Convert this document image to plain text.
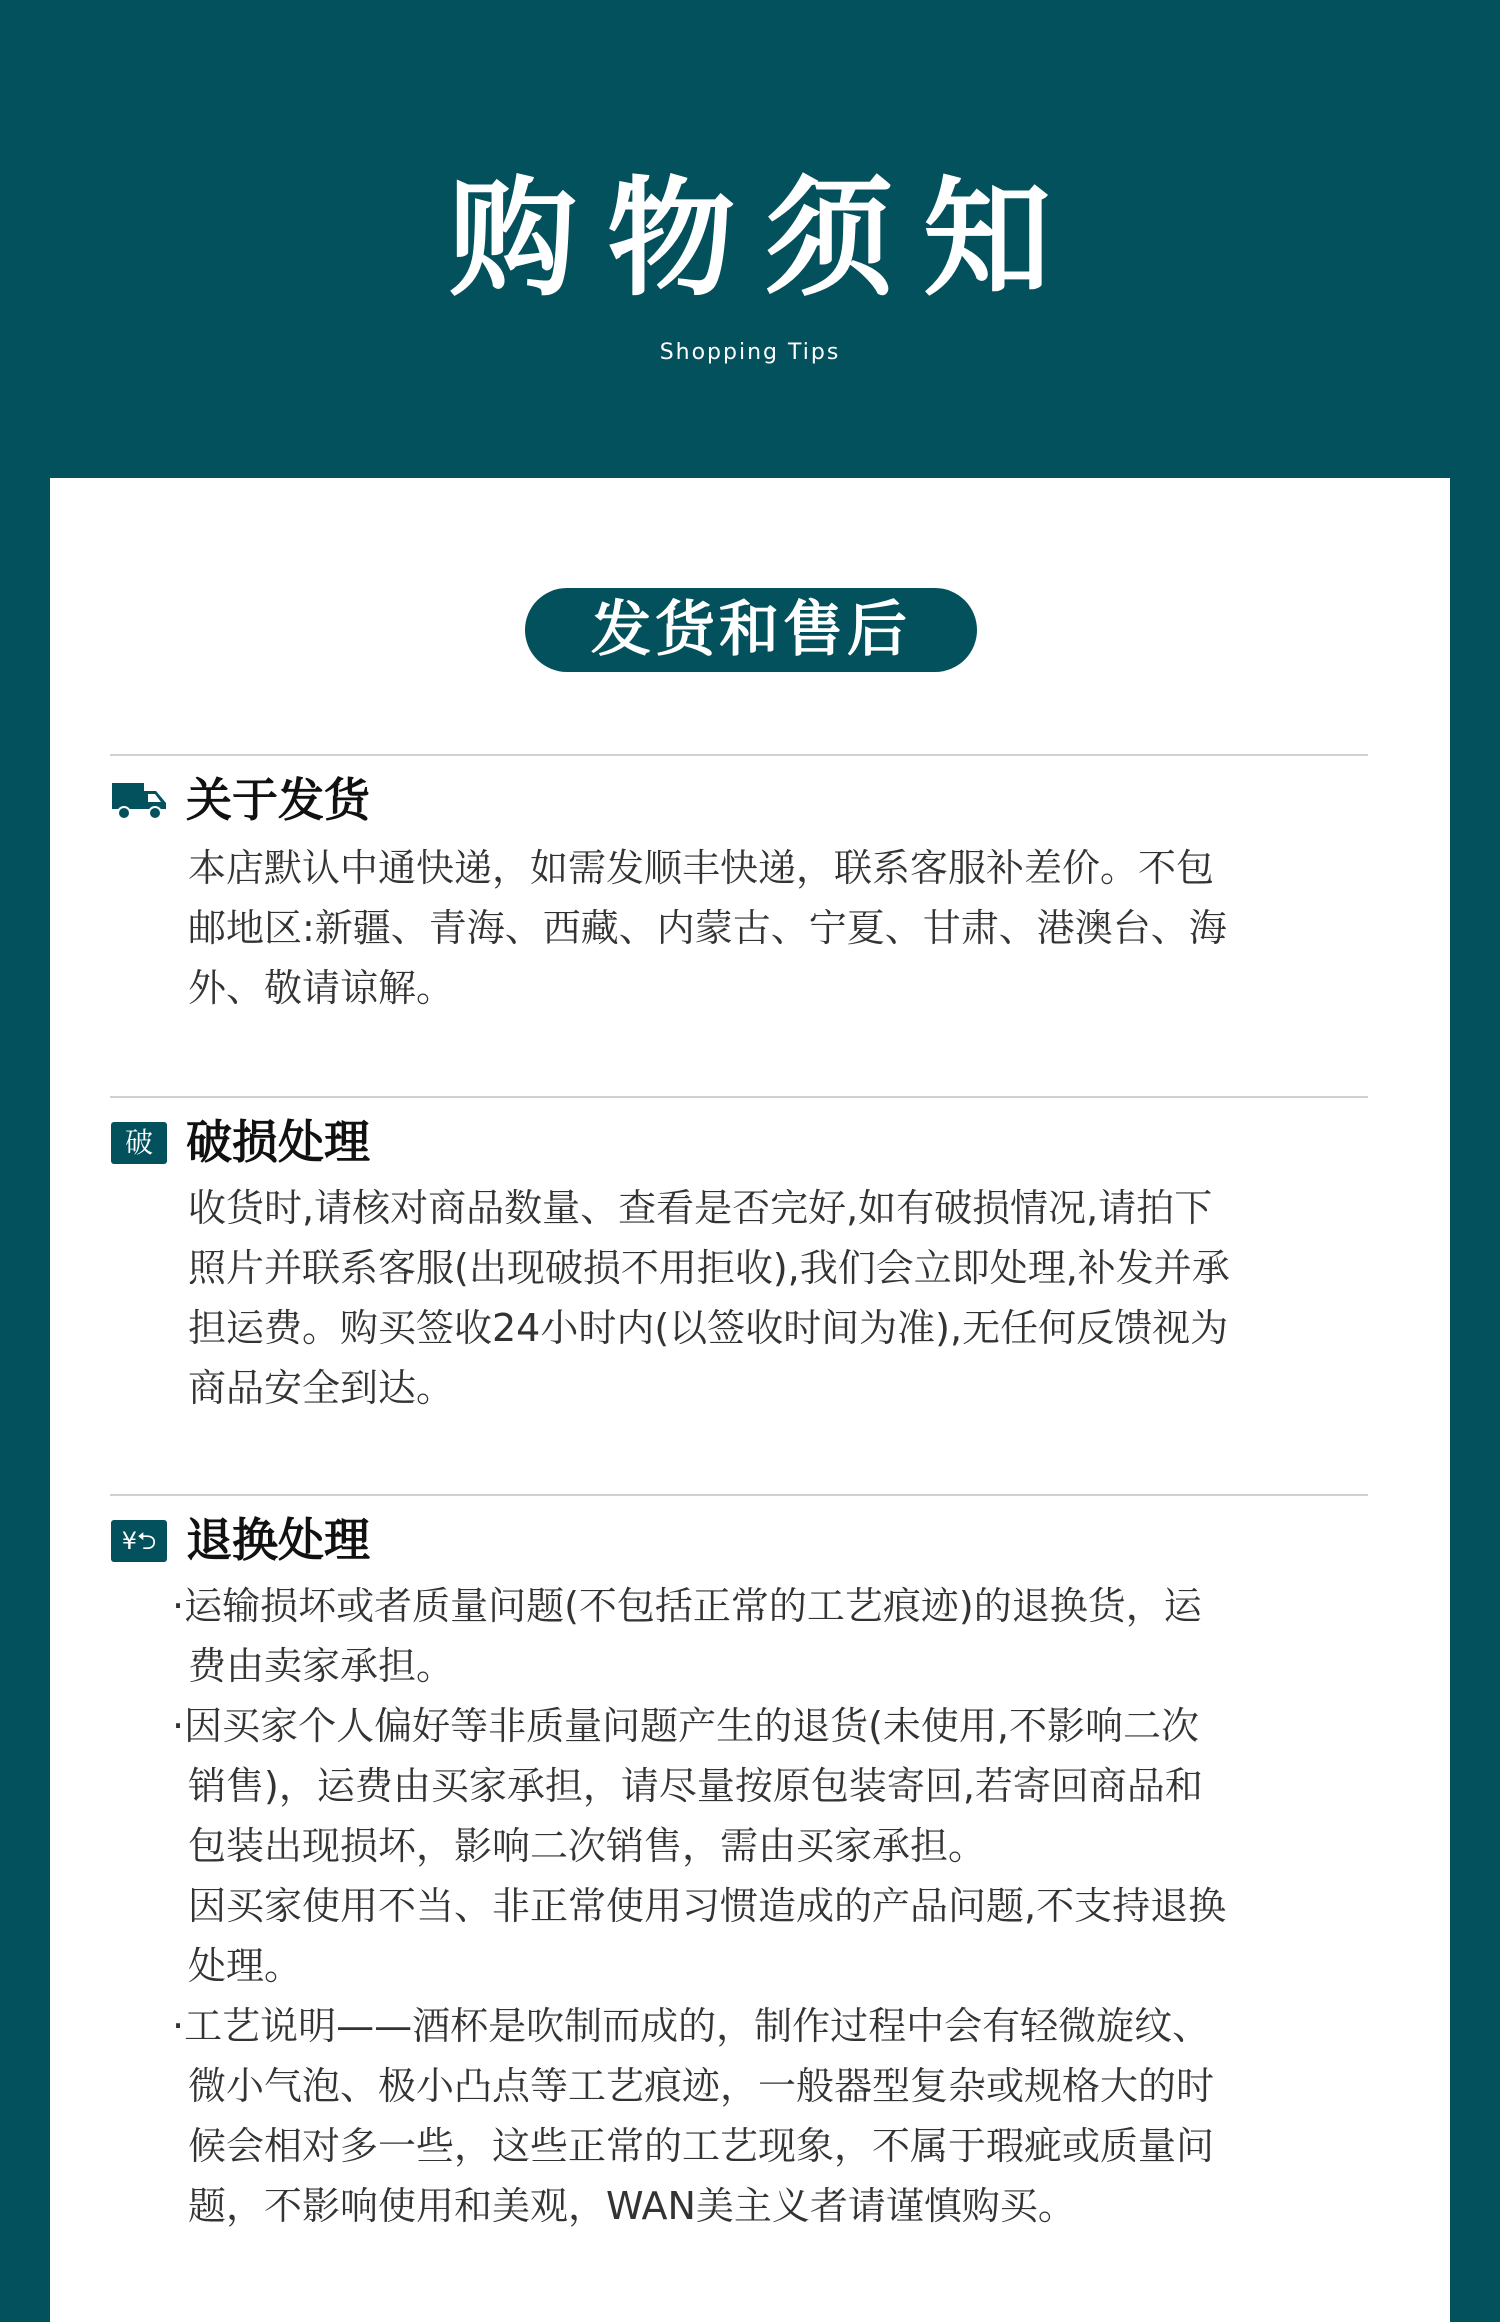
购物须知
Shopping Tips
发货和售后
关于发货
本店默认中通快递，如需发顺丰快递，联系客服补差价。不包
邮地区:新疆、青海、西藏、内蒙古、宁夏、甘肃、港澳台、海
外、敬请谅解。
破 破损处理
收货时,请核对商品数量、查看是否完好,如有破损情况,请拍下
照片并联系客服(出现破损不用拒收),我们会立即处理,补发并承
担运费。购买签收24小时内(以签收时间为准),无任何反馈视为
商品安全到达。
¥⮌ 退换处理
·运输损坏或者质量问题(不包括正常的工艺痕迹)的退换货，运
费由卖家承担。
·因买家个人偏好等非质量问题产生的退货(未使用,不影响二次
销售)，运费由买家承担，请尽量按原包装寄回,若寄回商品和
包装出现损坏，影响二次销售，需由买家承担。
因买家使用不当、非正常使用习惯造成的产品问题,不支持退换
处理。
·工艺说明——酒杯是吹制而成的，制作过程中会有轻微旋纹、
微小气泡、极小凸点等工艺痕迹，一般器型复杂或规格大的时
候会相对多一些，这些正常的工艺现象，不属于瑕疵或质量问
题，不影响使用和美观，WAN美主义者请谨慎购买。
